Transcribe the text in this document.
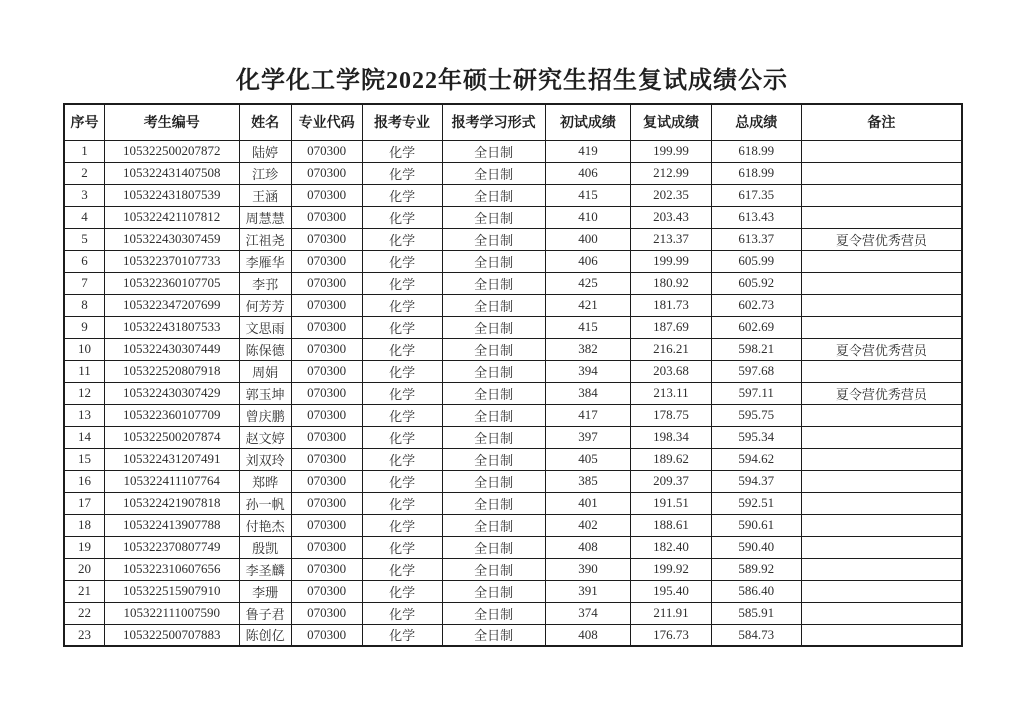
化学化工学院2022年硕士研究生招生复试成绩公示
序号	考生编号	姓名	专业代码	报考专业	报考学习形式	初试成绩	复试成绩	总成绩	备注
1	105322500207872	陆婷	070300	化学	全日制	419	199.99	618.99	
2	105322431407508	江珍	070300	化学	全日制	406	212.99	618.99	
3	105322431807539	王涵	070300	化学	全日制	415	202.35	617.35	
4	105322421107812	周慧慧	070300	化学	全日制	410	203.43	613.43	
5	105322430307459	江祖尧	070300	化学	全日制	400	213.37	613.37	夏令营优秀营员
6	105322370107733	李雁华	070300	化学	全日制	406	199.99	605.99	
7	105322360107705	李邘	070300	化学	全日制	425	180.92	605.92	
8	105322347207699	何芳芳	070300	化学	全日制	421	181.73	602.73	
9	105322431807533	文思雨	070300	化学	全日制	415	187.69	602.69	
10	105322430307449	陈保德	070300	化学	全日制	382	216.21	598.21	夏令营优秀营员
11	105322520807918	周娟	070300	化学	全日制	394	203.68	597.68	
12	105322430307429	郭玉坤	070300	化学	全日制	384	213.11	597.11	夏令营优秀营员
13	105322360107709	曾庆鹏	070300	化学	全日制	417	178.75	595.75	
14	105322500207874	赵文婷	070300	化学	全日制	397	198.34	595.34	
15	105322431207491	刘双玲	070300	化学	全日制	405	189.62	594.62	
16	105322411107764	郑晔	070300	化学	全日制	385	209.37	594.37	
17	105322421907818	孙一帆	070300	化学	全日制	401	191.51	592.51	
18	105322413907788	付艳杰	070300	化学	全日制	402	188.61	590.61	
19	105322370807749	殷凯	070300	化学	全日制	408	182.40	590.40	
20	105322310607656	李圣麟	070300	化学	全日制	390	199.92	589.92	
21	105322515907910	李珊	070300	化学	全日制	391	195.40	586.40	
22	105322111007590	鲁子君	070300	化学	全日制	374	211.91	585.91	
23	105322500707883	陈创亿	070300	化学	全日制	408	176.73	584.73	
